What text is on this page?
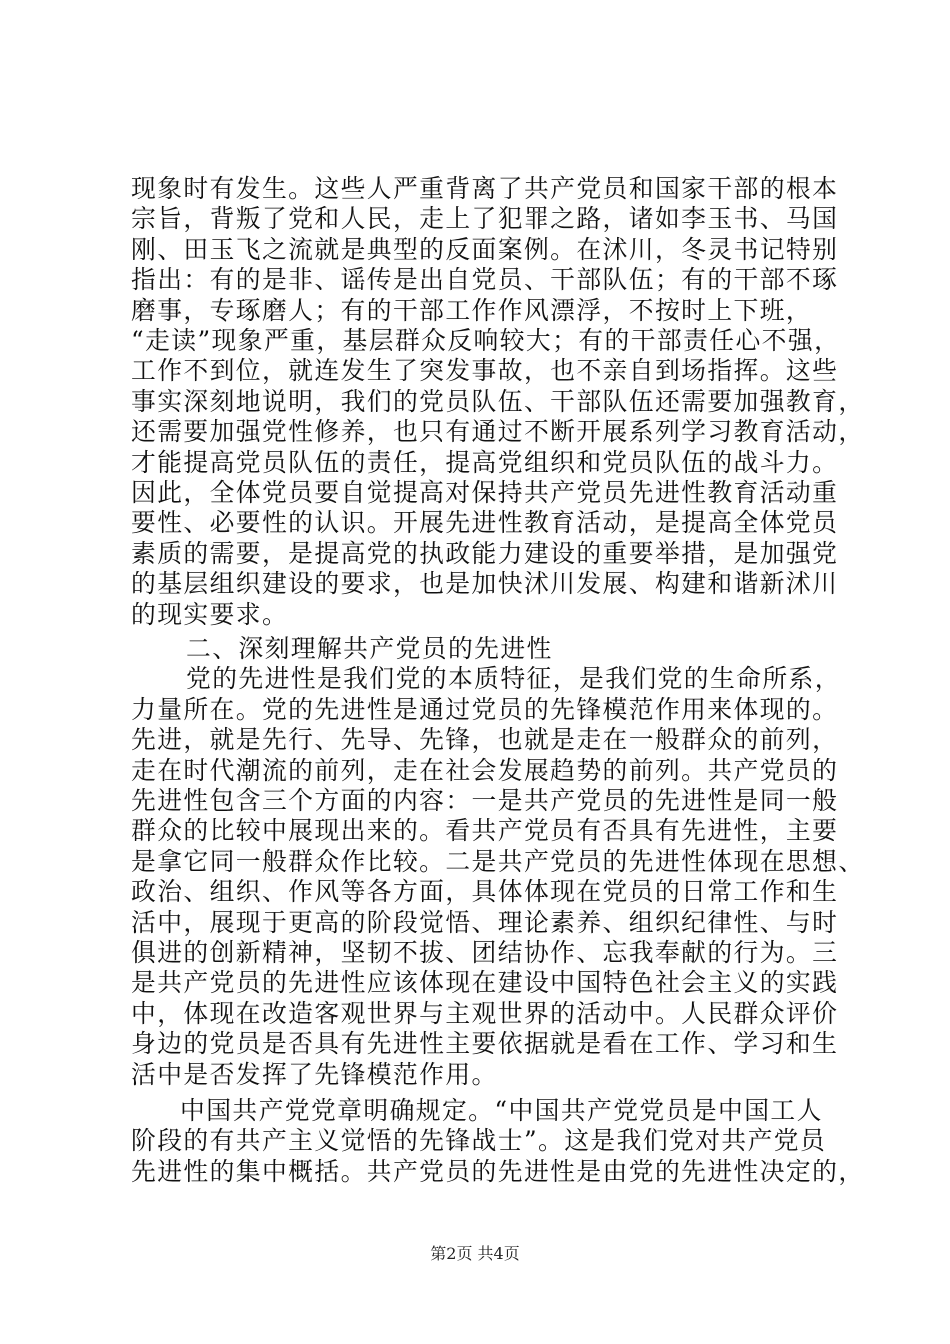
现象时有发生。这些人严重背离了共产党员和国家干部的根本
宗旨，背叛了党和人民，走上了犯罪之路，诸如李玉书、马国
刚、田玉飞之流就是典型的反面案例。在沭川，冬灵书记特别
指出：有的是非、谣传是出自党员、干部队伍；有的干部不琢
磨事，专琢磨人；有的干部工作作风漂浮，不按时上下班，
“走读”现象严重，基层群众反响较大；有的干部责任心不强，
工作不到位，就连发生了突发事故，也不亲自到场指挥。这些
事实深刻地说明，我们的党员队伍、干部队伍还需要加强教育，
还需要加强党性修养，也只有通过不断开展系列学习教育活动，
才能提高党员队伍的责任，提高党组织和党员队伍的战斗力。
因此，全体党员要自觉提高对保持共产党员先进性教育活动重
要性、必要性的认识。开展先进性教育活动，是提高全体党员
素质的需要，是提高党的执政能力建设的重要举措，是加强党
的基层组织建设的要求，也是加快沭川发展、构建和谐新沭川
的现实要求。
二、深刻理解共产党员的先进性
党的先进性是我们党的本质特征，是我们党的生命所系，
力量所在。党的先进性是通过党员的先锋模范作用来体现的。
先进，就是先行、先导、先锋，也就是走在一般群众的前列，
走在时代潮流的前列，走在社会发展趋势的前列。共产党员的
先进性包含三个方面的内容：一是共产党员的先进性是同一般
群众的比较中展现出来的。看共产党员有否具有先进性，主要
是拿它同一般群众作比较。二是共产党员的先进性体现在思想、
政治、组织、作风等各方面，具体体现在党员的日常工作和生
活中，展现于更高的阶段觉悟、理论素养、组织纪律性、与时
俱进的创新精神，坚韧不拔、团结协作、忘我奉献的行为。三
是共产党员的先进性应该体现在建设中国特色社会主义的实践
中，体现在改造客观世界与主观世界的活动中。人民群众评价
身边的党员是否具有先进性主要依据就是看在工作、学习和生
活中是否发挥了先锋模范作用。
中国共产党党章明确规定。“中国共产党党员是中国工人
阶段的有共产主义觉悟的先锋战士”。这是我们党对共产党员
先进性的集中概括。共产党员的先进性是由党的先进性决定的，
第2页 共4页
